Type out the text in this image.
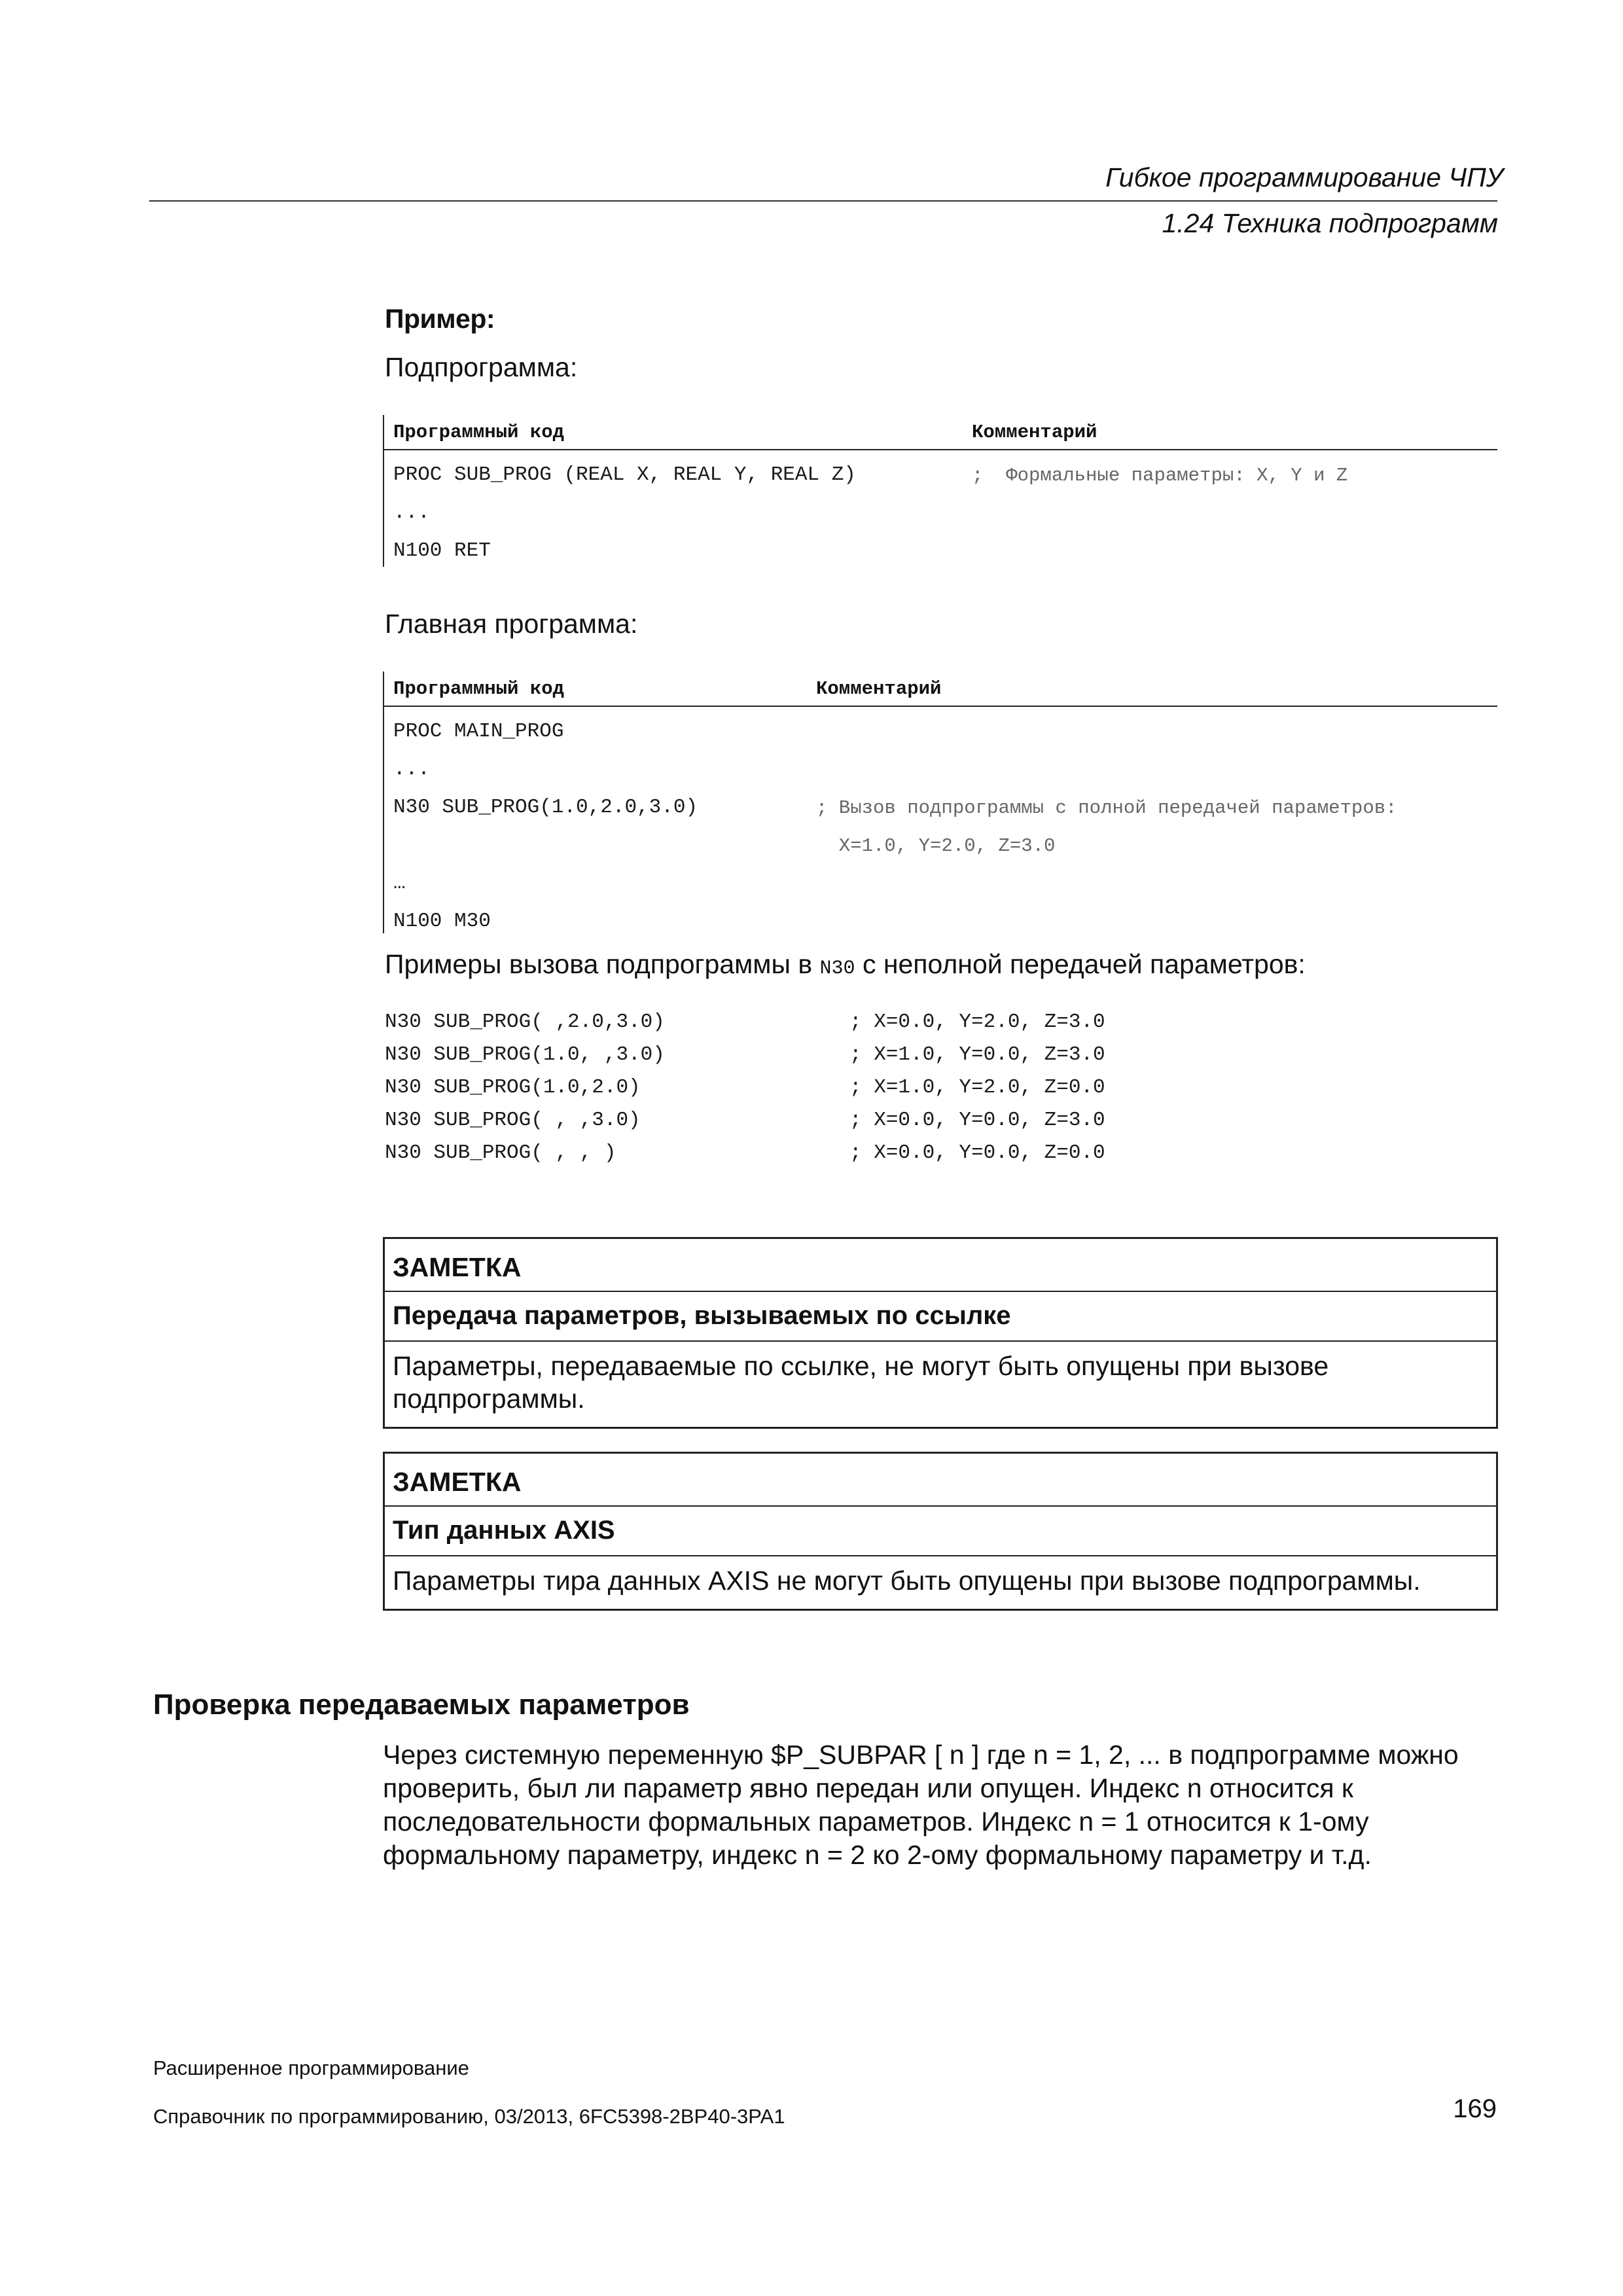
Гибкое программирование ЧПУ
1.24 Техника подпрограмм
Пример:
Подпрограмма:
Программный код	Комментарий
PROC SUB_PROG (REAL X, REAL Y, REAL Z)	;  Формальные параметры: X, Y и Z
...
N100 RET
Главная программа:
Программный код	Комментарий
PROC MAIN_PROG
...
N30 SUB_PROG(1.0,2.0,3.0)	; Вызов подпрограммы с полной передачей параметров:
X=1.0, Y=2.0, Z=3.0
…
N100 M30
Примеры вызова подпрограммы в N30 с неполной передачей параметров:
N30 SUB_PROG( ,2.0,3.0)	; X=0.0, Y=2.0, Z=3.0
N30 SUB_PROG(1.0, ,3.0)	; X=1.0, Y=0.0, Z=3.0
N30 SUB_PROG(1.0,2.0)	; X=1.0, Y=2.0, Z=0.0
N30 SUB_PROG( , ,3.0)	; X=0.0, Y=0.0, Z=3.0
N30 SUB_PROG( , , )	; X=0.0, Y=0.0, Z=0.0
ЗАМЕТКА
Передача параметров, вызываемых по ссылке
Параметры, передаваемые по ссылке, не могут быть опущены при вызове подпрограммы.
ЗАМЕТКА
Тип данных AXIS
Параметры тира данных AXIS не могут быть опущены при вызове подпрограммы.
Проверка передаваемых параметров
Через системную переменную $P_SUBPAR [ n ] где n = 1, 2, ... в подпрограмме можно проверить, был ли параметр явно передан или опущен. Индекс n относится к последовательности формальных параметров. Индекс n = 1 относится к 1-ому формальному параметру, индекс n = 2 ко 2-ому формальному параметру и т.д.
Расширенное программирование
Справочник по программированию, 03/2013, 6FC5398-2BP40-3PA1	169
